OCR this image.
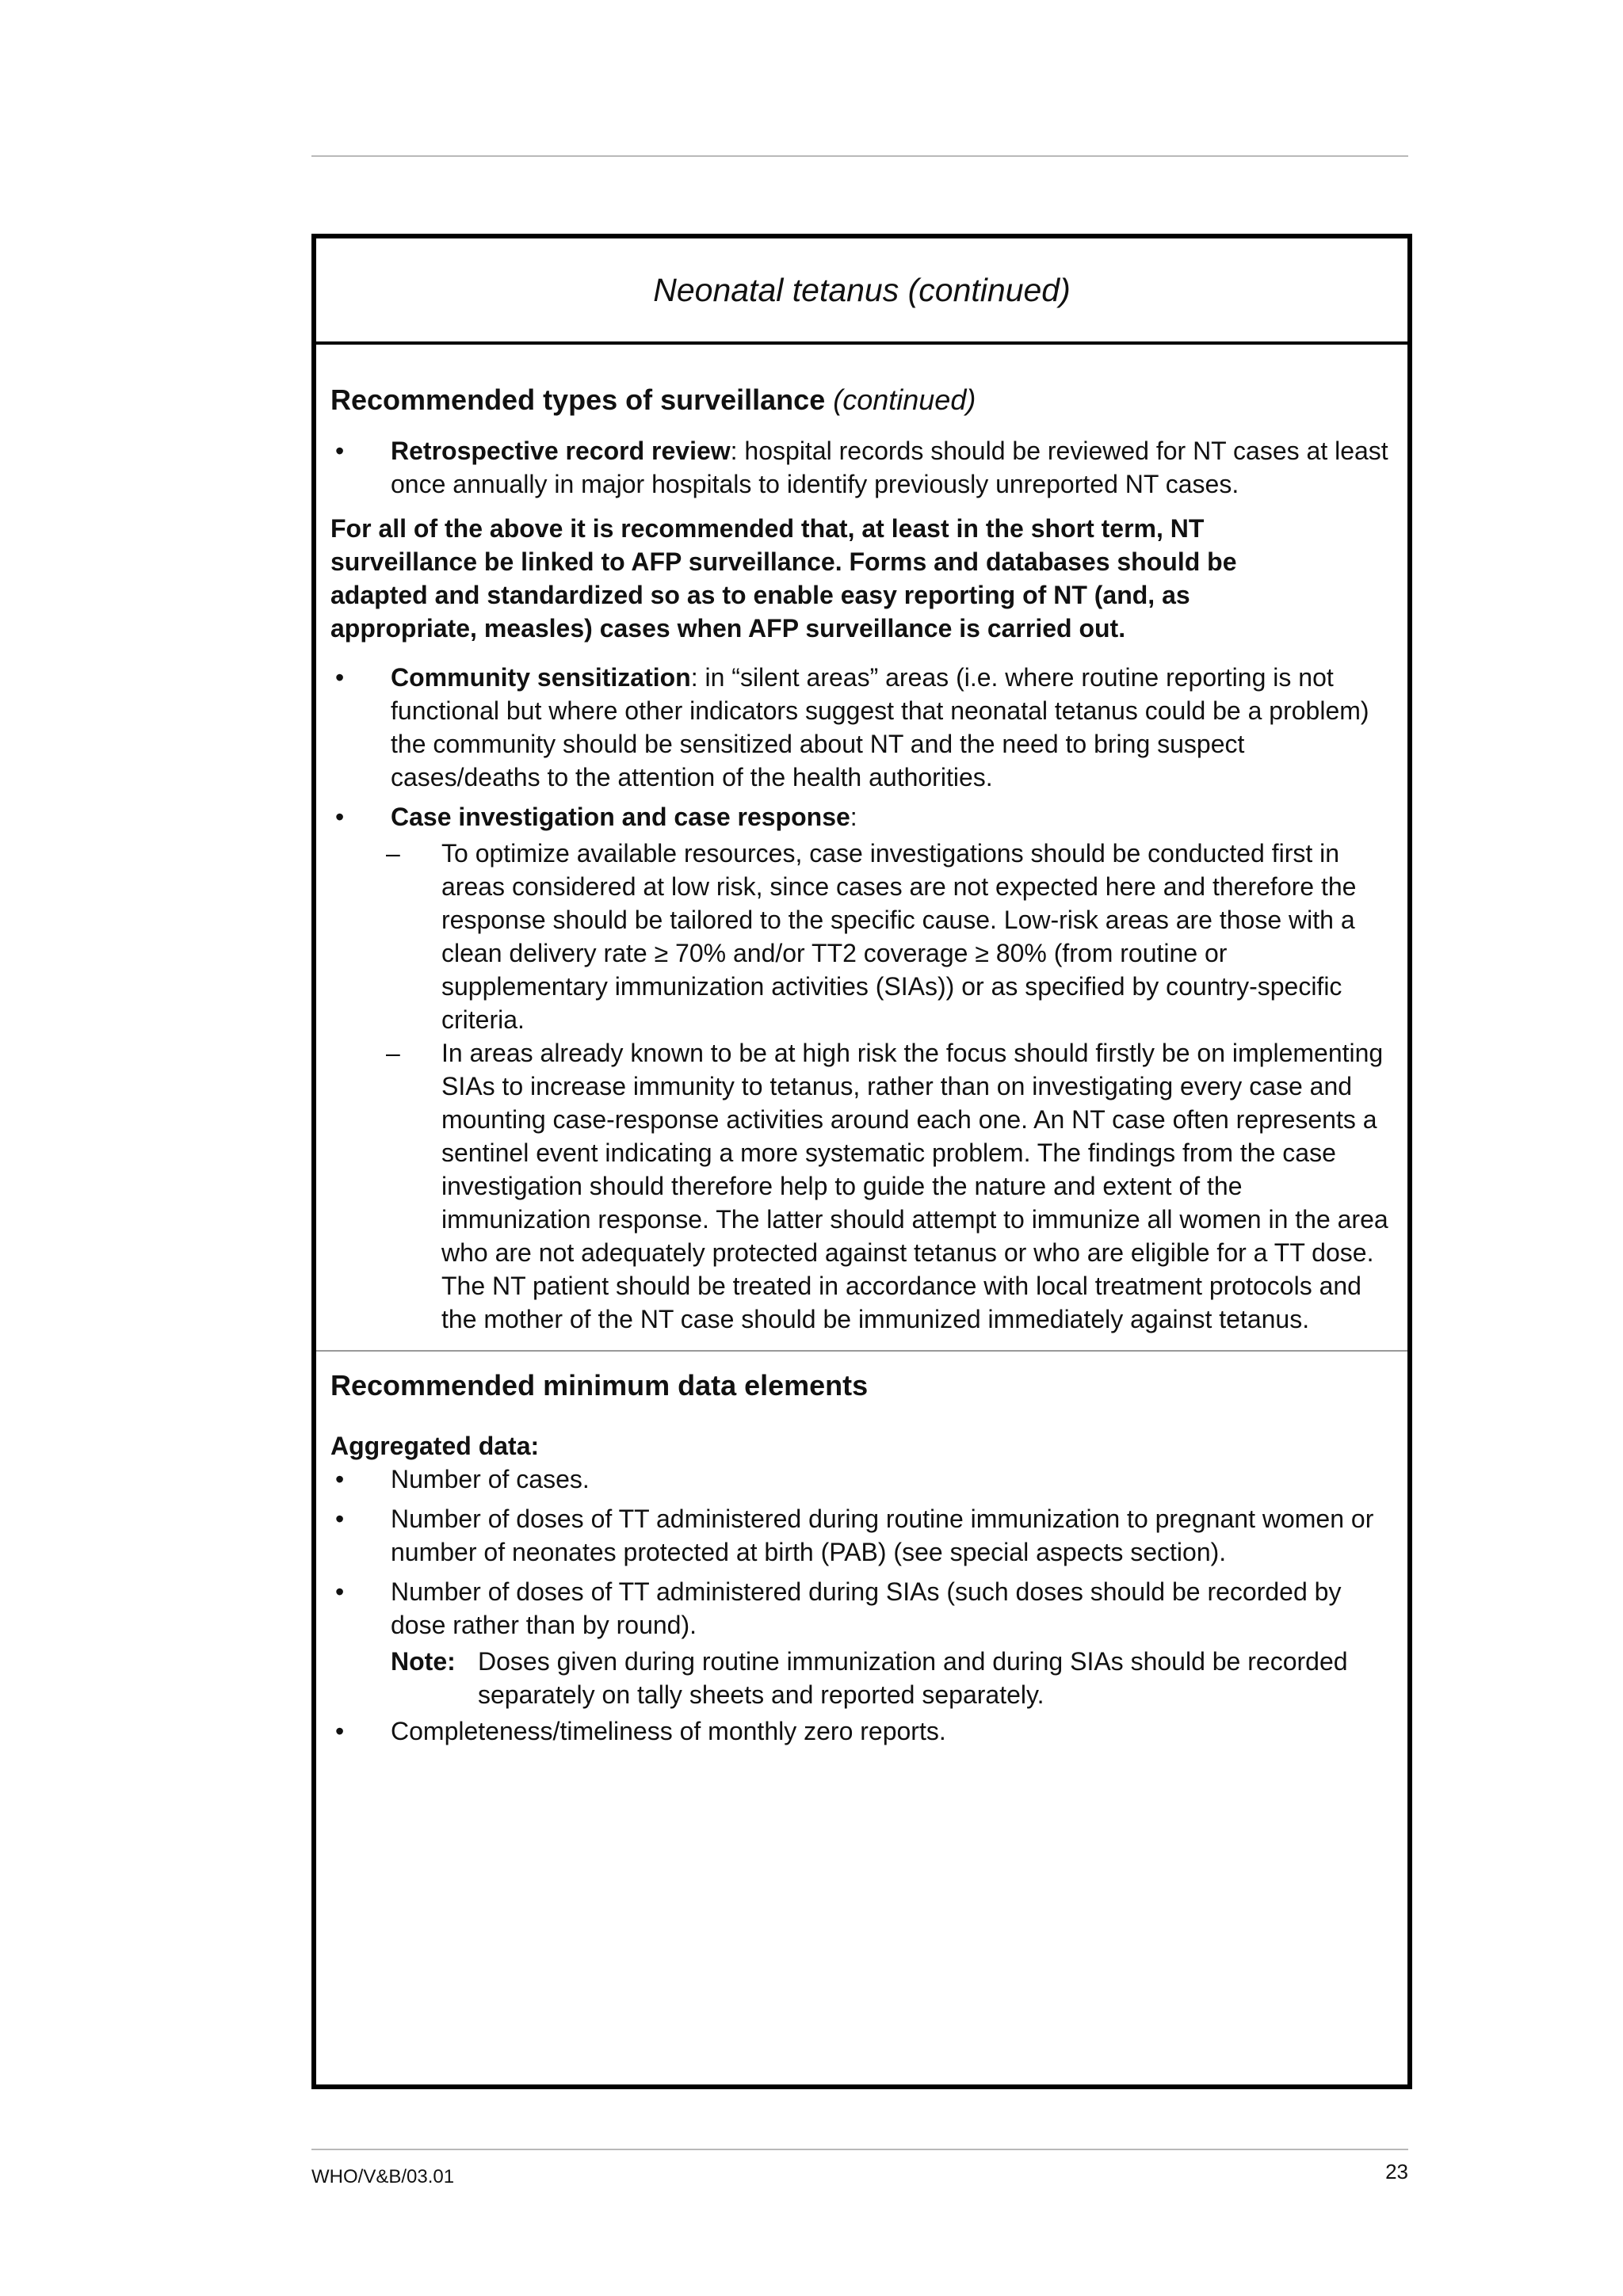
Neonatal tetanus (continued)

Recommended types of surveillance (continued)

•	Retrospective record review: hospital records should be reviewed for NT cases at least once annually in major hospitals to identify previously unreported NT cases.

For all of the above it is recommended that, at least in the short term, NT surveillance be linked to AFP surveillance. Forms and databases should be adapted and standardized so as to enable easy reporting of NT (and, as appropriate, measles) cases when AFP surveillance is carried out.

•	Community sensitization: in “silent areas” areas (i.e. where routine reporting is not functional but where other indicators suggest that neonatal tetanus could be a problem) the community should be sensitized about NT and the need to bring suspect cases/deaths to the attention of the health authorities.
•	Case investigation and case response:
–	To optimize available resources, case investigations should be conducted first in areas considered at low risk, since cases are not expected here and therefore the response should be tailored to the specific cause. Low-risk areas are those with a clean delivery rate ≥ 70% and/or TT2 coverage ≥ 80% (from routine or supplementary immunization activities (SIAs)) or as specified by country-specific criteria.
–	In areas already known to be at high risk the focus should firstly be on implementing SIAs to increase immunity to tetanus, rather than on investigating every case and mounting case-response activities around each one. An NT case often represents a sentinel event indicating a more systematic problem. The findings from the case investigation should therefore help to guide the nature and extent of the immunization response. The latter should attempt to immunize all women in the area who are not adequately protected against tetanus or who are eligible for a TT dose. The NT patient should be treated in accordance with local treatment protocols and the mother of the NT case should be immunized immediately against tetanus.

Recommended minimum data elements

Aggregated data:

•	Number of cases.
•	Number of doses of TT administered during routine immunization to pregnant women or number of neonates protected at birth (PAB) (see special aspects section).
•	Number of doses of TT administered during SIAs (such doses should be recorded by dose rather than by round).
Note: Doses given during routine immunization and during SIAs should be recorded separately on tally sheets and reported separately.
•	Completeness/timeliness of monthly zero reports.
WHO/V&B/03.01	23
